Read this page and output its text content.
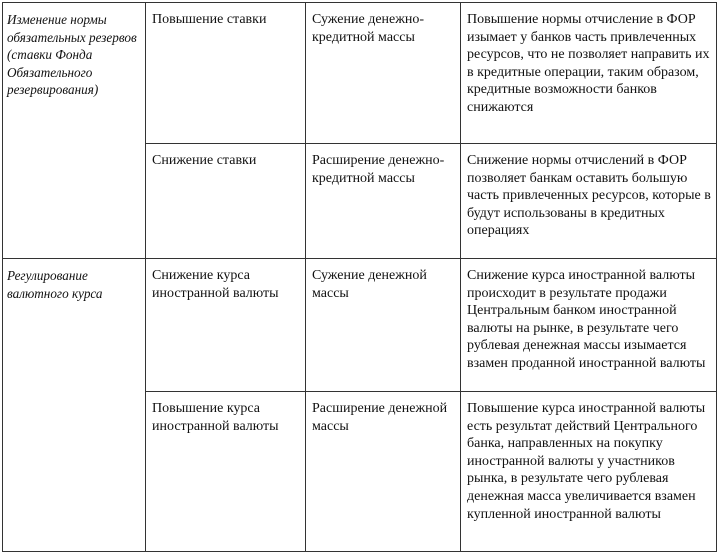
Изменение нормы обязательных резервов (ставки Фонда Обязательного резервирования)	Повышение ставки	Сужение денежно-кредитной массы	Повышение нормы отчисление в ФОР изымает у банков часть привлеченных ресурсов, что не позволяет направить их в кредитные операции, таким образом, кредитные возможности банков снижаются
	Снижение ставки	Расширение денежно-кредитной массы	Снижение нормы отчислений в ФОР позволяет банкам оставить большую часть привлеченных ресурсов, которые в будут использованы в кредитных операциях
Регулирование валютного курса	Снижение курса иностранной валюты	Сужение денежной массы	Снижение курса иностранной валюты происходит в результате продажи Центральным банком иностранной валюты на рынке, в результате чего рублевая денежная массы изымается взамен проданной иностранной валюты
	Повышение курса иностранной валюты	Расширение денежной массы	Повышение курса иностранной валюты есть результат действий Центрального банка, направленных на покупку иностранной валюты у участников рынка, в результате чего рублевая денежная масса увеличивается взамен купленной иностранной валюты
